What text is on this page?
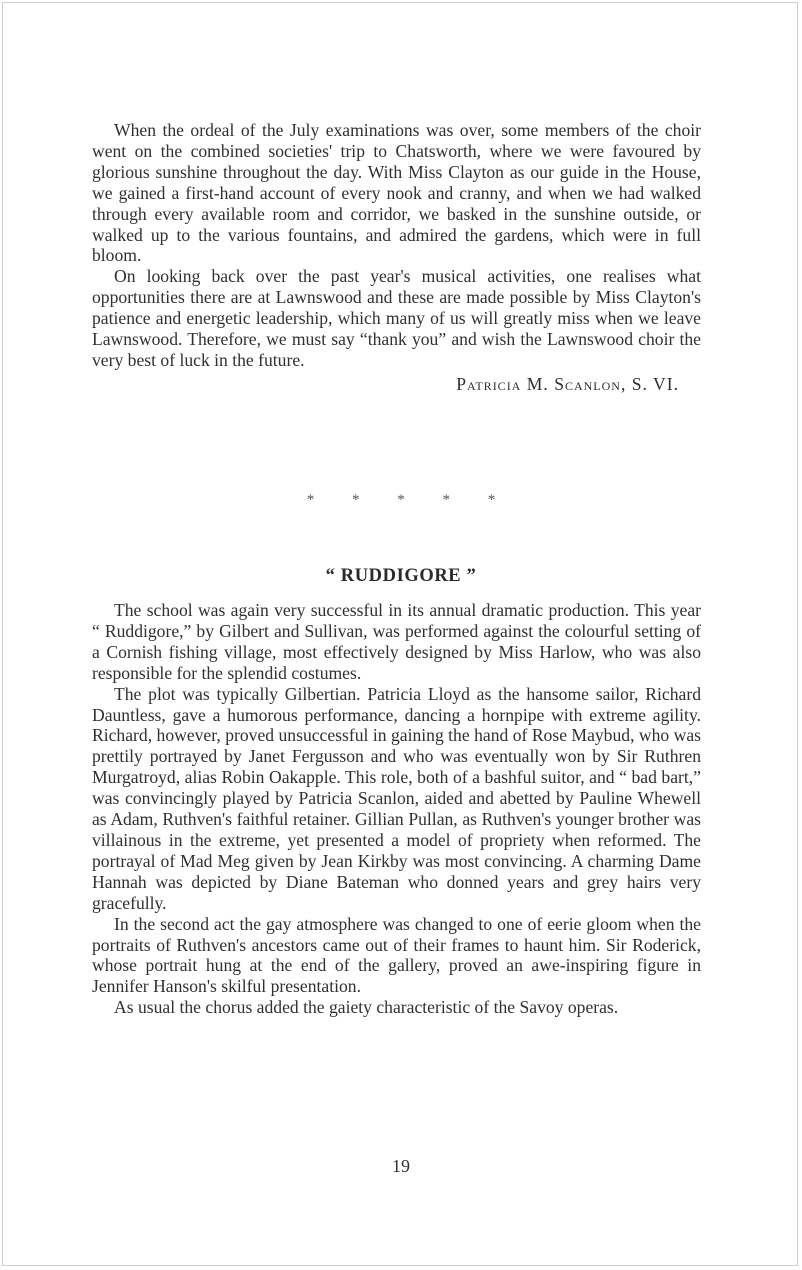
When the ordeal of the July examinations was over, some members of the choir went on the combined societies' trip to Chatsworth, where we were favoured by glorious sunshine throughout the day. With Miss Clayton as our guide in the House, we gained a first-hand account of every nook and cranny, and when we had walked through every available room and corridor, we basked in the sunshine outside, or walked up to the various fountains, and admired the gardens, which were in full bloom.

On looking back over the past year's musical activities, one realises what opportunities there are at Lawnswood and these are made possible by Miss Clayton's patience and energetic leadership, which many of us will greatly miss when we leave Lawnswood. Therefore, we must say “thank you” and wish the Lawnswood choir the very best of luck in the future.

Patricia M. Scanlon, S. VI.
* * * * *
“ RUDDIGORE ”

The school was again very successful in its annual dramatic production. This year “ Ruddigore,” by Gilbert and Sullivan, was performed against the colourful setting of a Cornish fishing village, most effectively designed by Miss Harlow, who was also responsible for the splendid costumes.

The plot was typically Gilbertian. Patricia Lloyd as the hansome sailor, Richard Dauntless, gave a humorous performance, dancing a hornpipe with extreme agility. Richard, however, proved unsuccessful in gaining the hand of Rose Maybud, who was prettily portrayed by Janet Fergusson and who was eventually won by Sir Ruthren Murgatroyd, alias Robin Oakapple. This role, both of a bashful suitor, and “ bad bart,” was convincingly played by Patricia Scanlon, aided and abetted by Pauline Whewell as Adam, Ruthven's faithful retainer. Gillian Pullan, as Ruthven's younger brother was villainous in the extreme, yet presented a model of propriety when reformed. The portrayal of Mad Meg given by Jean Kirkby was most convincing. A charming Dame Hannah was depicted by Diane Bateman who donned years and grey hairs very gracefully.

In the second act the gay atmosphere was changed to one of eerie gloom when the portraits of Ruthven's ancestors came out of their frames to haunt him. Sir Roderick, whose portrait hung at the end of the gallery, proved an awe-inspiring figure in Jennifer Hanson's skilful presentation.

As usual the chorus added the gaiety characteristic of the Savoy operas.

19
